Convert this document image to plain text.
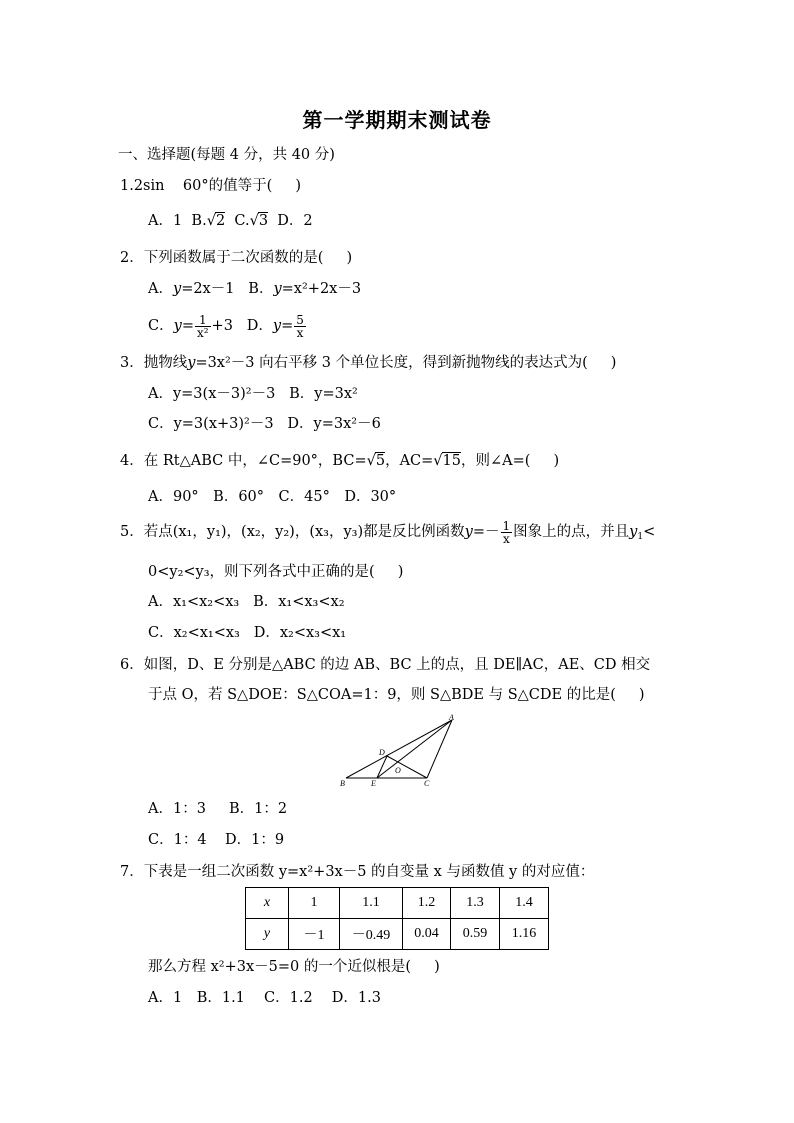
第一学期期末测试卷
一、选择题(每题 4 分，共 40 分)
1.2sin 60°的值等于( )
A．1 B.√2 C.√3 D．2
2．下列函数属于二次函数的是( )
A．y=2x－1 B．y=x²+2x－3
C．$y= \frac{1}{\text{x²}} +3$ D．$y= \frac{5}{x}$
3．抛物线y=3x²－3 向右平移 3 个单位长度，得到新抛物线的表达式为( )
A．y=3(x－3)²－3 B．y=3x²
C．y=3(x+3)²－3 D．y=3x²－6
4．在 Rt△ABC 中，∠C=90°，BC=√5，AC=√15，则∠A=( )
A．90°　B．60°　C．45°　D．30°
5．若点(x₁，y₁)，(x₂，y₂)，(x₃，y₃)都是反比例函数$y=- \frac{1}{x}$ 图象上的点，并且$y_1<$
0<y₂<y₃，则下列各式中正确的是( )
A．x₁<x₂<x₃ B．x₁<x₃<x₂
C．x₂<x₁<x₃ D．x₂<x₃<x₁
6．如图，D、E 分别是△ABC 的边 AB、BC 上的点，且 DE∥AC，AE、CD 相交
于点 O，若 S△DOE：S△COA=1：9，则 S△BDE 与 S△CDE 的比是( )
A
B	C
D
E
O
A．1：3 B．1：2
C．1：4 D．1：9
7．下表是一组二次函数 y=x²+3x－5 的自变量 x 与函数值 y 的对应值：
x	1	1.1	1.2	1.3	1.4
y	－1	－0.49	0.04	0.59	1.16
那么方程 x²+3x－5=0 的一个近似根是( )
A．1　B．1.1　 C．1.2　 D．1.3
